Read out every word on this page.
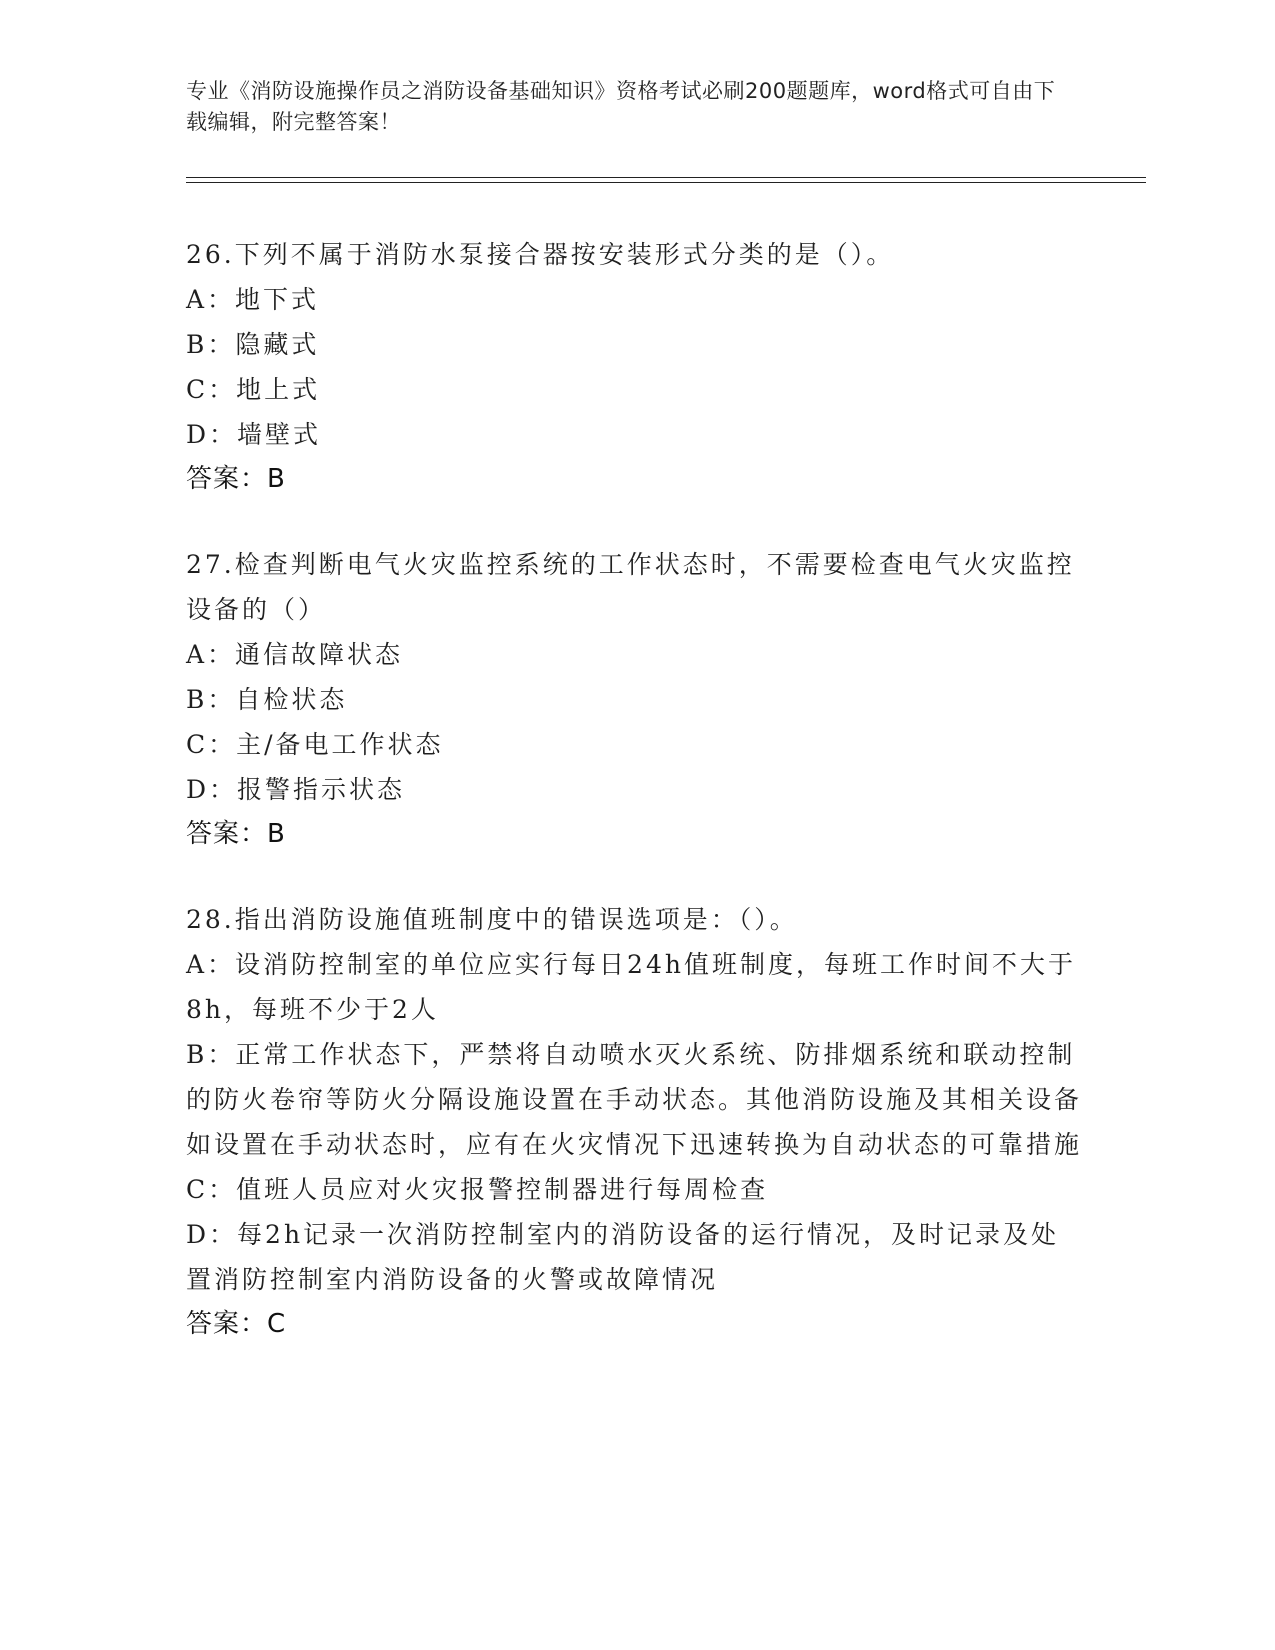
专业《消防设施操作员之消防设备基础知识》资格考试必刷200题题库，word格式可自由下载编辑，附完整答案！
26.下列不属于消防水泵接合器按安装形式分类的是（）。
A：地下式
B：隐藏式
C：地上式
D：墙壁式
答案：B
27.检查判断电气火灾监控系统的工作状态时，不需要检查电气火灾监控设备的（）
A：通信故障状态
B：自检状态
C：主/备电工作状态
D：报警指示状态
答案：B
28.指出消防设施值班制度中的错误选项是：（）。
A：设消防控制室的单位应实行每日24h值班制度，每班工作时间不大于8h，每班不少于2人
B：正常工作状态下，严禁将自动喷水灭火系统、防排烟系统和联动控制的防火卷帘等防火分隔设施设置在手动状态。其他消防设施及其相关设备如设置在手动状态时，应有在火灾情况下迅速转换为自动状态的可靠措施
C：值班人员应对火灾报警控制器进行每周检查
D：每2h记录一次消防控制室内的消防设备的运行情况，及时记录及处置消防控制室内消防设备的火警或故障情况
答案：C
